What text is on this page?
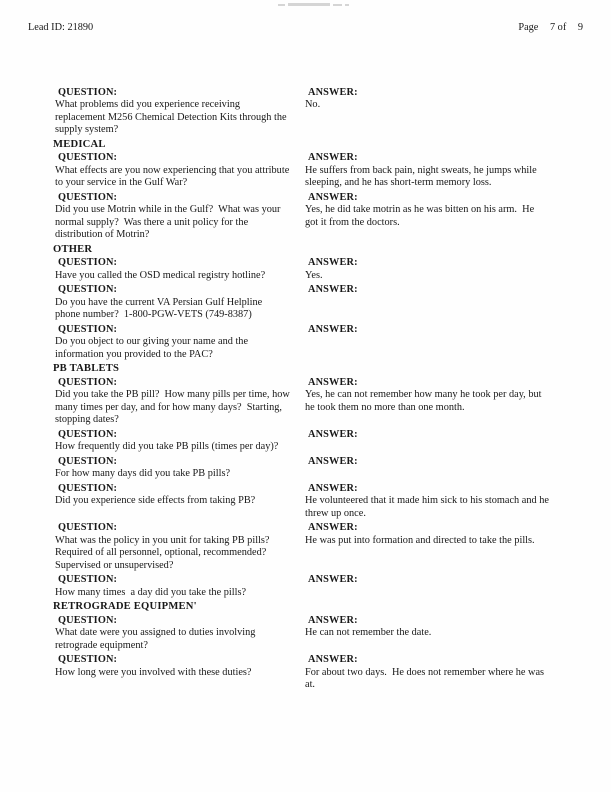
Lead ID: 21890	Page 7 of 9
QUESTION:
What problems did you experience receiving
replacement M256 Chemical Detection Kits through the
supply system?
ANSWER:
No.
MEDICAL
QUESTION:
What effects are you now experiencing that you attribute
to your service in the Gulf War?
ANSWER:
He suffers from back pain, night sweats, he jumps while
sleeping, and he has short-term memory loss.
QUESTION:
Did you use Motrin while in the Gulf?  What was your
normal supply?  Was there a unit policy for the
distribution of Motrin?
ANSWER:
Yes, he did take motrin as he was bitten on his arm.  He
got it from the doctors.
OTHER
QUESTION:
Have you called the OSD medical registry hotline?
ANSWER:
Yes.
QUESTION:
Do you have the current VA Persian Gulf Helpline
phone number?  1-800-PGW-VETS (749-8387)
ANSWER:
QUESTION:
Do you object to our giving your name and the
information you provided to the PAC?
ANSWER:
PB TABLETS
QUESTION:
Did you take the PB pill?  How many pills per time, how
many times per day, and for how many days?  Starting,
stopping dates?
ANSWER:
Yes, he can not remember how many he took per day, but
he took them no more than one month.
QUESTION:
How frequently did you take PB pills (times per day)?
ANSWER:
QUESTION:
For how many days did you take PB pills?
ANSWER:
QUESTION:
Did you experience side effects from taking PB?
ANSWER:
He volunteered that it made him sick to his stomach and he
threw up once.
QUESTION:
What was the policy in you unit for taking PB pills?
Required of all personnel, optional, recommended?
Supervised or unsupervised?
ANSWER:
He was put into formation and directed to take the pills.
QUESTION:
How many times  a day did you take the pills?
ANSWER:
RETROGRADE EQUIPMEN'
QUESTION:
What date were you assigned to duties involving
retrograde equipment?
ANSWER:
He can not remember the date.
QUESTION:
How long were you involved with these duties?
ANSWER:
For about two days.  He does not remember where he was
at.
